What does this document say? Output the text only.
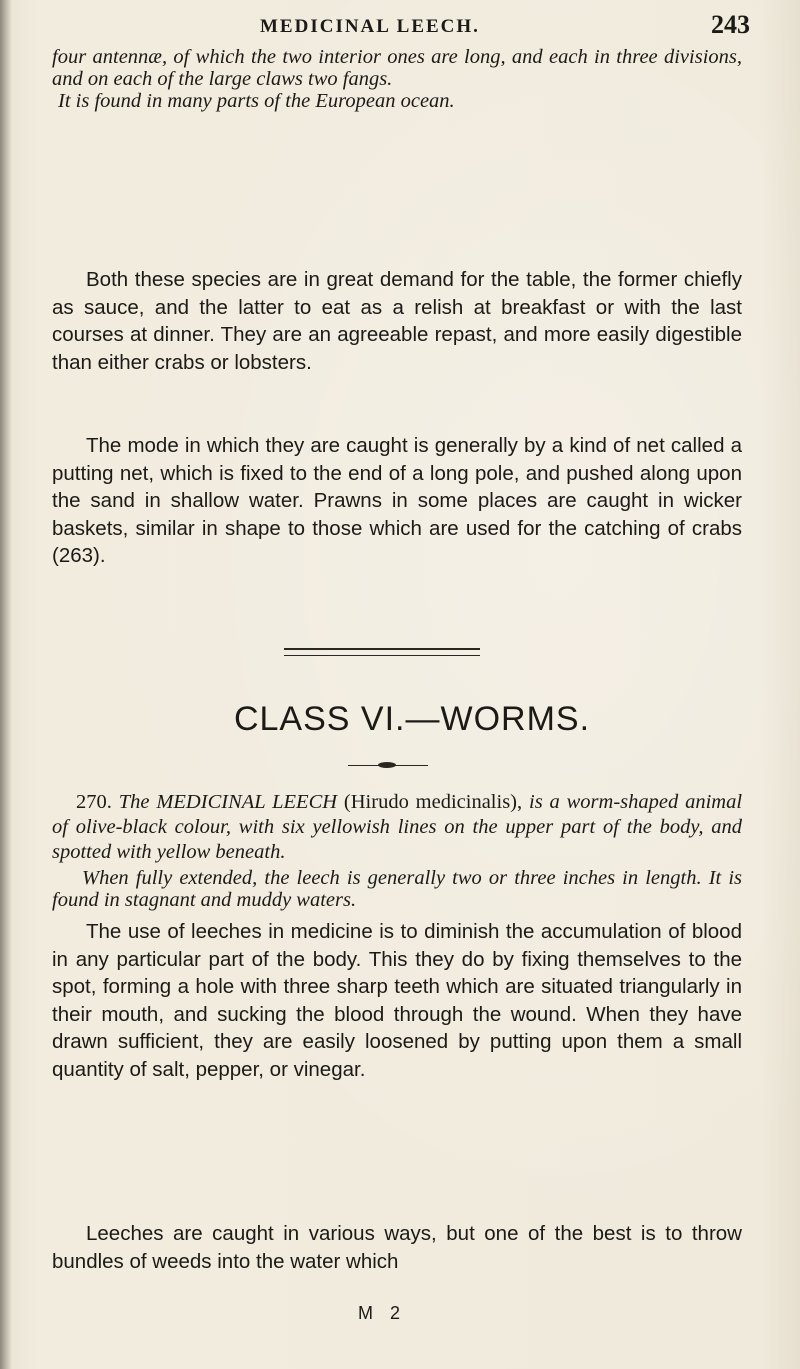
MEDICINAL LEECH.	243

four antennæ, of which the two interior ones are long, and each in three divisions, and on each of the large claws two fangs.

It is found in many parts of the European ocean.

Both these species are in great demand for the table, the former chiefly as sauce, and the latter to eat as a relish at breakfast or with the last courses at dinner. They are an agreeable repast, and more easily digestible than either crabs or lobsters.

The mode in which they are caught is generally by a kind of net called a putting net, which is fixed to the end of a long pole, and pushed along upon the sand in shallow water. Prawns in some places are caught in wicker baskets, similar in shape to those which are used for the catching of crabs (263).

CLASS VI.—WORMS.

270. The MEDICINAL LEECH (Hirudo medicinalis), is a worm-shaped animal of olive-black colour, with six yellowish lines on the upper part of the body, and spotted with yellow beneath.

When fully extended, the leech is generally two or three inches in length. It is found in stagnant and muddy waters.

The use of leeches in medicine is to diminish the accumulation of blood in any particular part of the body. This they do by fixing themselves to the spot, forming a hole with three sharp teeth which are situated triangularly in their mouth, and sucking the blood through the wound. When they have drawn sufficient, they are easily loosened by putting upon them a small quantity of salt, pepper, or vinegar.

Leeches are caught in various ways, but one of the best is to throw bundles of weeds into the water which

M 2
